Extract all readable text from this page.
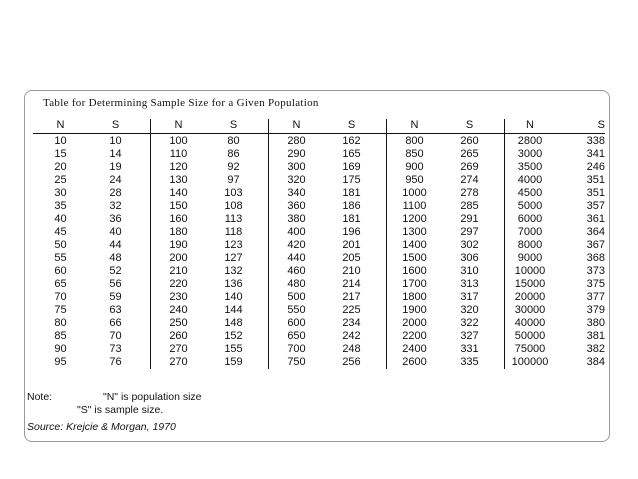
Table for Determining Sample Size for a Given Population
N	S
10	10
15	14
20	19
25	24
30	28
35	32
40	36
45	40
50	44
55	48
60	52
65	56
70	59
75	63
80	66
85	70
90	73
95	76
N	S
100	80
110	86
120	92
130	97
140	103
150	108
160	113
180	118
190	123
200	127
210	132
220	136
230	140
240	144
250	148
260	152
270	155
270	159
N	S
280	162
290	165
300	169
320	175
340	181
360	186
380	181
400	196
420	201
440	205
460	210
480	214
500	217
550	225
600	234
650	242
700	248
750	256
N	S
800	260
850	265
900	269
950	274
1000	278
1100	285
1200	291
1300	297
1400	302
1500	306
1600	310
1700	313
1800	317
1900	320
2000	322
2200	327
2400	331
2600	335
N	S
2800	338
3000	341
3500	246
4000	351
4500	351
5000	357
6000	361
7000	364
8000	367
9000	368
10000	373
15000	375
20000	377
30000	379
40000	380
50000	381
75000	382
100000	384
Note:	"N" is population size
"S" is sample size.
Source: Krejcie & Morgan, 1970
